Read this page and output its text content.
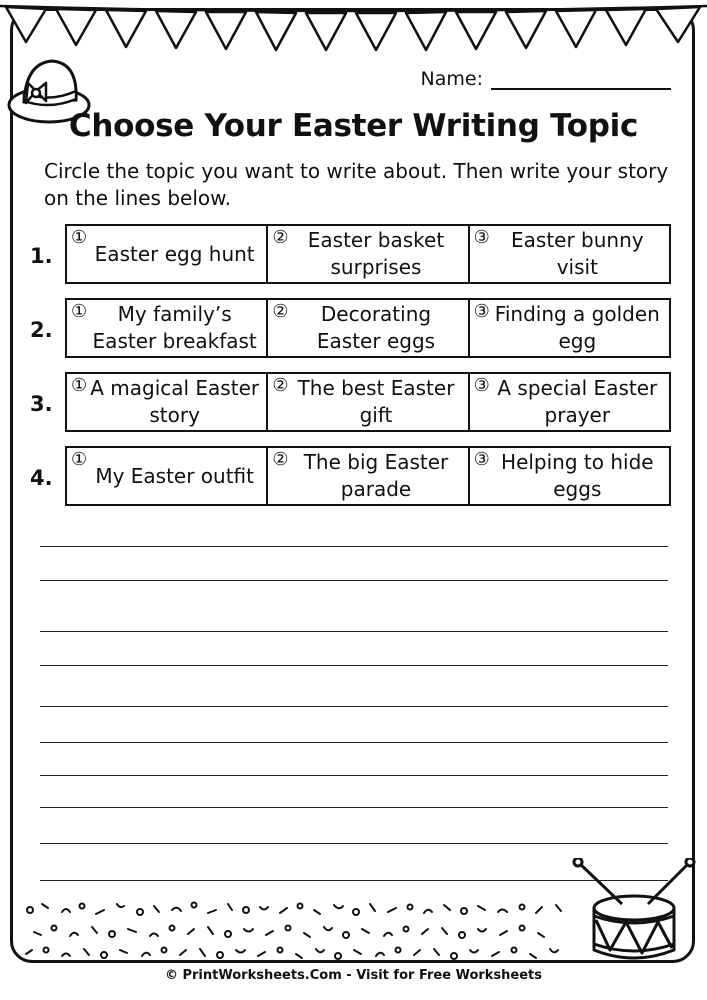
Name:
Choose Your Easter Writing Topic
Circle the topic you want to write about. Then write your story on the lines below.
1.
①
Easter egg hunt
② Easter basket surprises
③	Easter bunny visit
2.
①	My family’s Easter breakfast
②	Decorating Easter eggs
③ Finding a golden egg
3.
① A magical Easter story
② The best Easter gift
③ A special Easter prayer
4.
①
My Easter outfit
② The big Easter parade
③ Helping to hide eggs
© PrintWorksheets.Com - Visit for Free Worksheets
